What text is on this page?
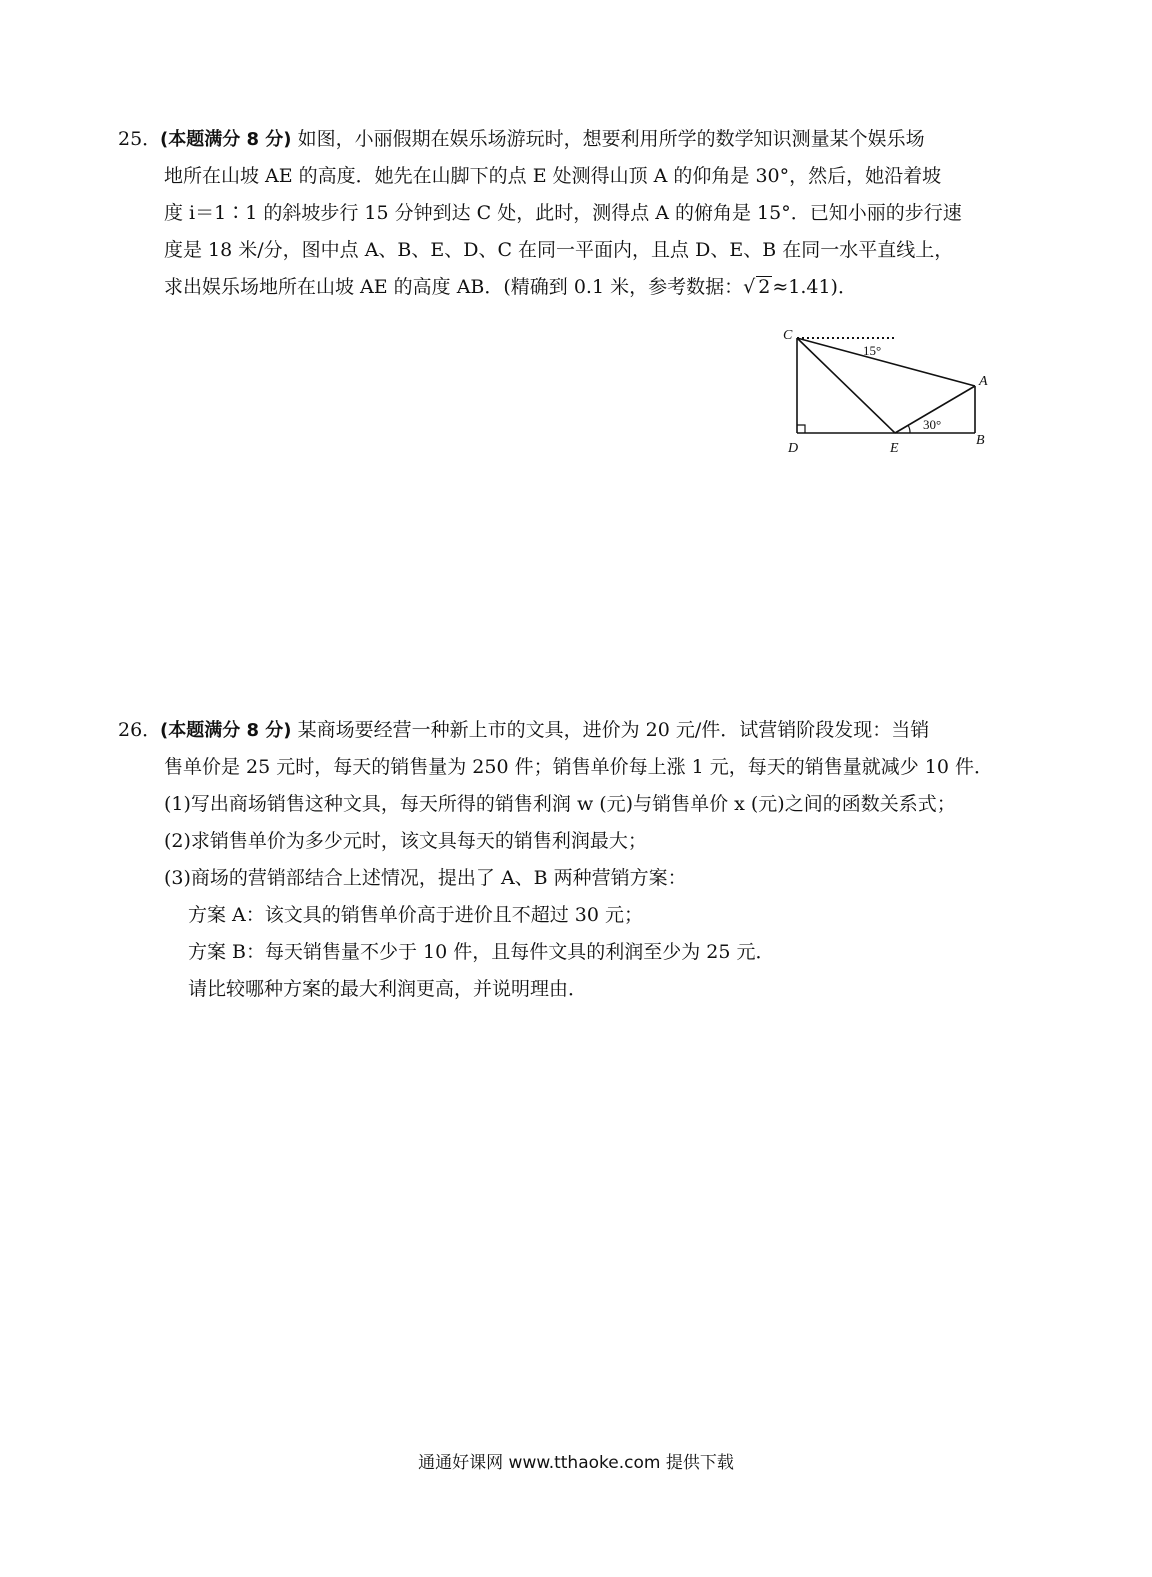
25．(本题满分 8 分) 如图，小丽假期在娱乐场游玩时，想要利用所学的数学知识测量某个娱乐场
地所在山坡 AE 的高度．她先在山脚下的点 E 处测得山顶 A 的仰角是 30°，然后，她沿着坡
度 i＝1∶1 的斜坡步行 15 分钟到达 C 处，此时，测得点 A 的俯角是 15°．已知小丽的步行速
度是 18 米/分，图中点 A、B、E、D、C 在同一平面内，且点 D、E、B 在同一水平直线上，
求出娱乐场地所在山坡 AE 的高度 AB．(精确到 0.1 米，参考数据：√ 2 ≈1.41)．
C
A
D	E
B
15°
30°
26．(本题满分 8 分) 某商场要经营一种新上市的文具，进价为 20 元/件．试营销阶段发现：当销
售单价是 25 元时，每天的销售量为 250 件；销售单价每上涨 1 元，每天的销售量就减少 10 件．
(1)写出商场销售这种文具，每天所得的销售利润 w (元)与销售单价 x (元)之间的函数关系式；
(2)求销售单价为多少元时，该文具每天的销售利润最大；
(3)商场的营销部结合上述情况，提出了 A、B 两种营销方案：
方案 A：该文具的销售单价高于进价且不超过 30 元；
方案 B：每天销售量不少于 10 件，且每件文具的利润至少为 25 元．
请比较哪种方案的最大利润更高，并说明理由．
通通好课网 www.tthaoke.com 提供下载
